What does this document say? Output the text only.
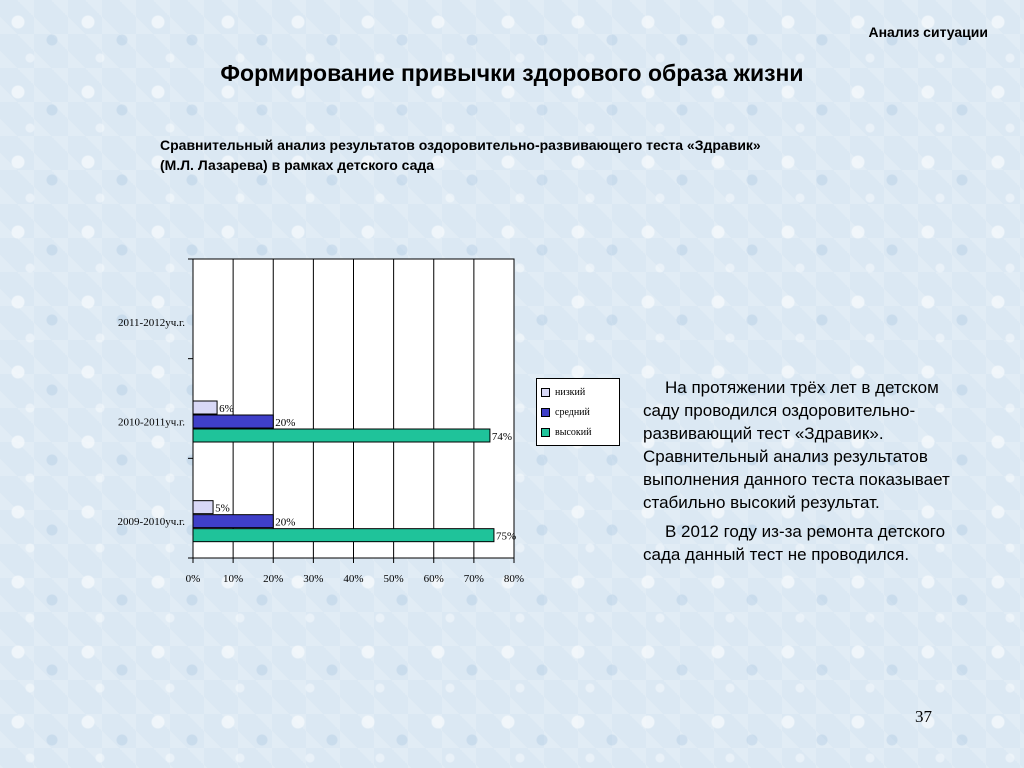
Анализ ситуации
Формирование привычки здорового образа жизни
Сравнительный анализ результатов оздоровительно-развивающего теста «Здравик» (М.Л. Лазарева) в рамках детского сада
0% 10% 20% 30% 40% 50% 60% 70% 80%
2011-2012уч.г.
2010-2011уч.г.
6%
20%
74%
2009-2010уч.г.
5%
20%
75%
низкий
средний
высокий

На протяжении трёх лет в детском саду проводился оздоровительно-развивающий тест «Здравик». Сравнительный анализ результатов выполнения данного теста показывает стабильно высокий результат.

В 2012 году из-за ремонта детского сада данный тест не проводился.

37
